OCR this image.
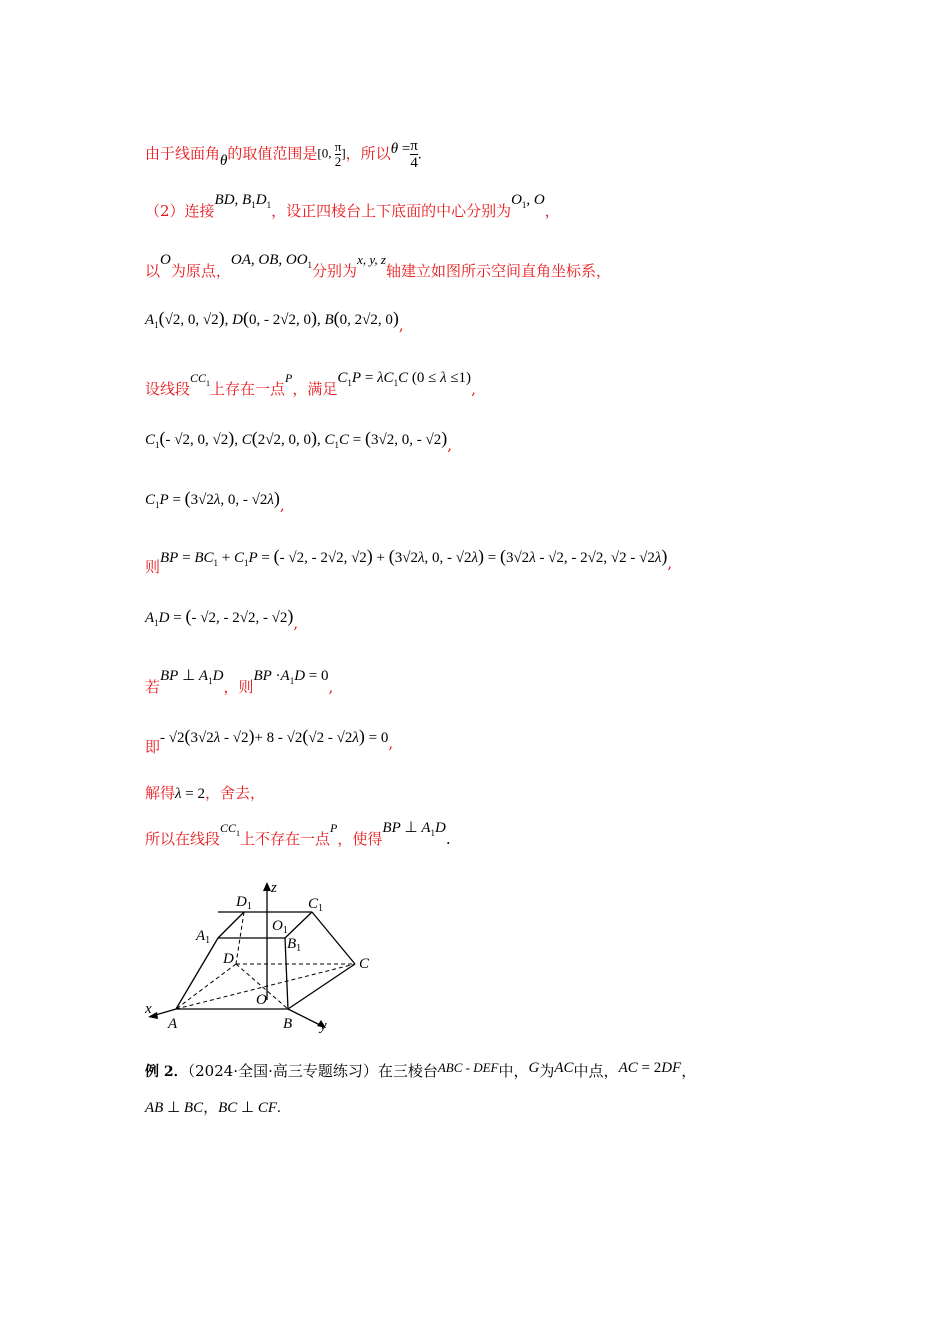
由于线面角θ的取值范围是[0, $\frac{\pi}{2}$ ]，所以$\theta = \frac{\pi}{4}$ .
（2）连接BD, $B_1D_1$，设正四棱台上下底面的中心分别为$O_1$, O，
以O为原点，OA, OB, $OO_1$分别为x, y, z轴建立如图所示空间直角坐标系，
$A_1(√2$, 0, √2), D(0, - 2√2, 0), B(0, 2√2, 0),
设线段$^{CC}_1$上存在一点$^P$，满足$C_1P = \lambda C_1C$ (0 ≤ λ ≤1),
$C_1(-$ √2, 0, √2), C(2√2, 0, 0), $C_1C = (3√2$, 0, - √2),
$C_1P = (3√2\lambda$, 0, - √2λ),
则BP = $BC_1 + C_1P$ = (- √2, - 2√2, √2) + (3√2λ, 0, - √2λ) = (3√2λ - √2, - 2√2, √2 - √2λ),
$A_1D$ = (- √2, - 2√2, - √2),
若BP ⊥ $A_1D$，则BP $\cdot A_1D = 0$,
即- √2(3√2λ - √2)+ 8 - √2(√2 - √2λ) = 0,
解得λ = 2，舍去，
所以在线段$^{CC}_1$上不存在一点$^P$，使得BP ⊥ $A_1D$.
z
$D_1$	$C_1$
$O_1$
$A_1$	$B_1$
D	C
O
x
A	B y
例 2．（2024·全国·高三专题练习）在三棱台ABC - DEF中，G为AC中点，AC = 2DF，
AB ⊥ BC，BC ⊥ CF.
